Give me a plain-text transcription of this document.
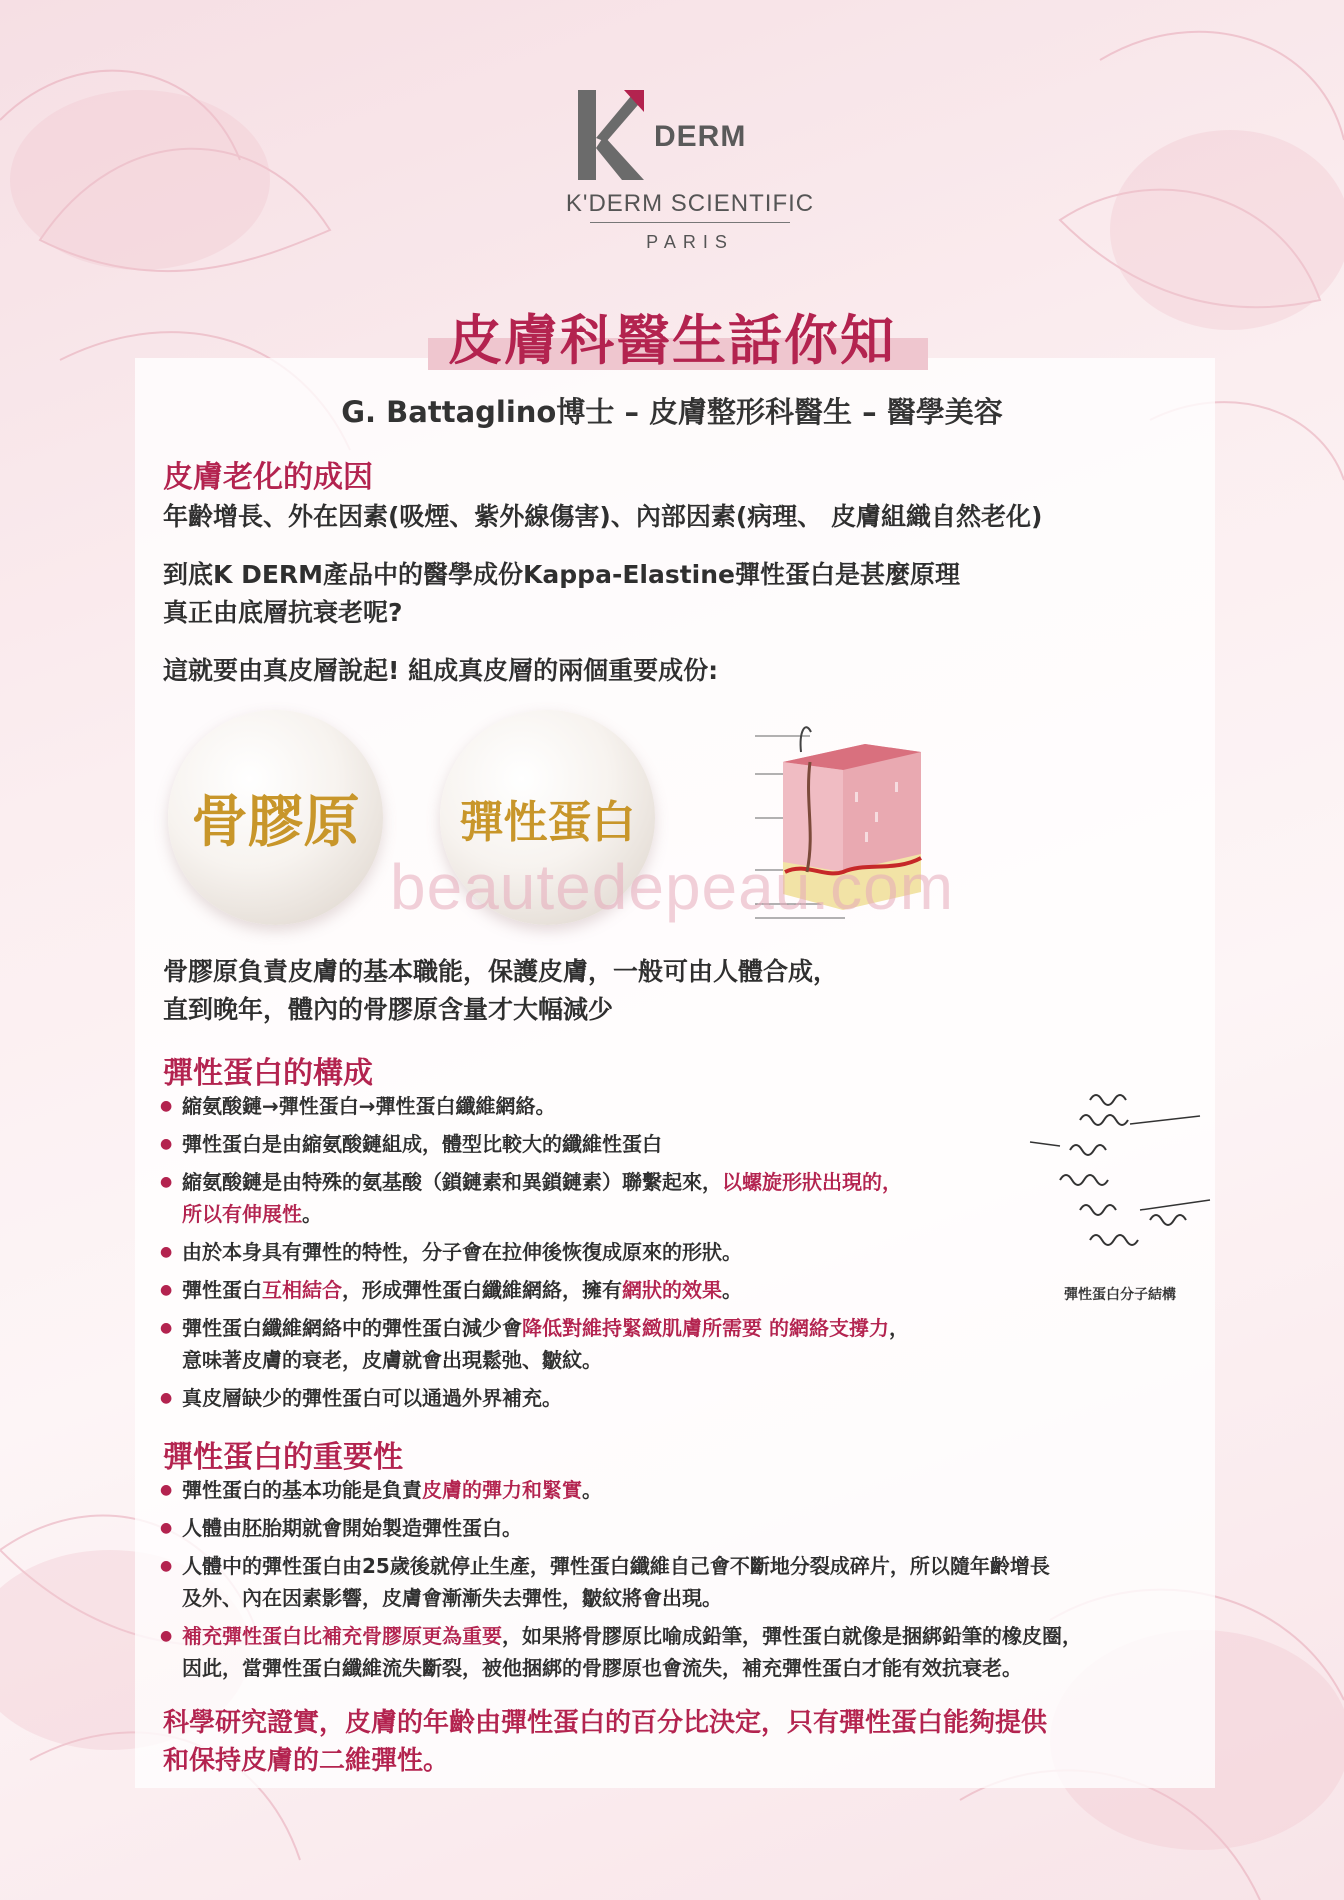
DERM
K'DERM SCIENTIFIC
PARIS
皮膚科醫生話你知
G. Battaglino博士 – 皮膚整形科醫生 – 醫學美容
皮膚老化的成因
年齡增長、外在因素(吸煙、紫外線傷害)、內部因素(病理、 皮膚組織自然老化)
到底K DERM產品中的醫學成份Kappa-Elastine彈性蛋白是甚麼原理
真正由底層抗衰老呢?
這就要由真皮層說起! 組成真皮層的兩個重要成份:
骨膠原	彈性蛋白
beautedepeau.com
骨膠原負責皮膚的基本職能，保護皮膚，一般可由人體合成，
直到晚年，體內的骨膠原含量才大幅減少
彈性蛋白的構成
● 縮氨酸鏈→彈性蛋白→彈性蛋白纖維網絡。
● 彈性蛋白是由縮氨酸鏈組成，體型比較大的纖維性蛋白
● 縮氨酸鏈是由特殊的氨基酸（鎖鏈素和異鎖鏈素）聯繫起來，以螺旋形狀出現的，
所以有伸展性。
● 由於本身具有彈性的特性，分子會在拉伸後恢復成原來的形狀。
● 彈性蛋白互相結合，形成彈性蛋白纖維網絡，擁有網狀的效果。
● 彈性蛋白纖維網絡中的彈性蛋白減少會降低對維持緊緻肌膚所需要 的網絡支撐力，
意味著皮膚的衰老，皮膚就會出現鬆弛、皺紋。
● 真皮層缺少的彈性蛋白可以通過外界補充。
彈性蛋白分子結構
彈性蛋白的重要性
● 彈性蛋白的基本功能是負責皮膚的彈力和緊實。
● 人體由胚胎期就會開始製造彈性蛋白。
● 人體中的彈性蛋白由25歲後就停止生產，彈性蛋白纖維自己會不斷地分裂成碎片，所以隨年齡增長
及外、內在因素影響，皮膚會漸漸失去彈性，皺紋將會出現。
● 補充彈性蛋白比補充骨膠原更為重要，如果將骨膠原比喻成鉛筆，彈性蛋白就像是捆綁鉛筆的橡皮圈，
因此，當彈性蛋白纖維流失斷裂，被他捆綁的骨膠原也會流失，補充彈性蛋白才能有效抗衰老。
科學研究證實，皮膚的年齡由彈性蛋白的百分比決定，只有彈性蛋白能夠提供
和保持皮膚的二維彈性。
